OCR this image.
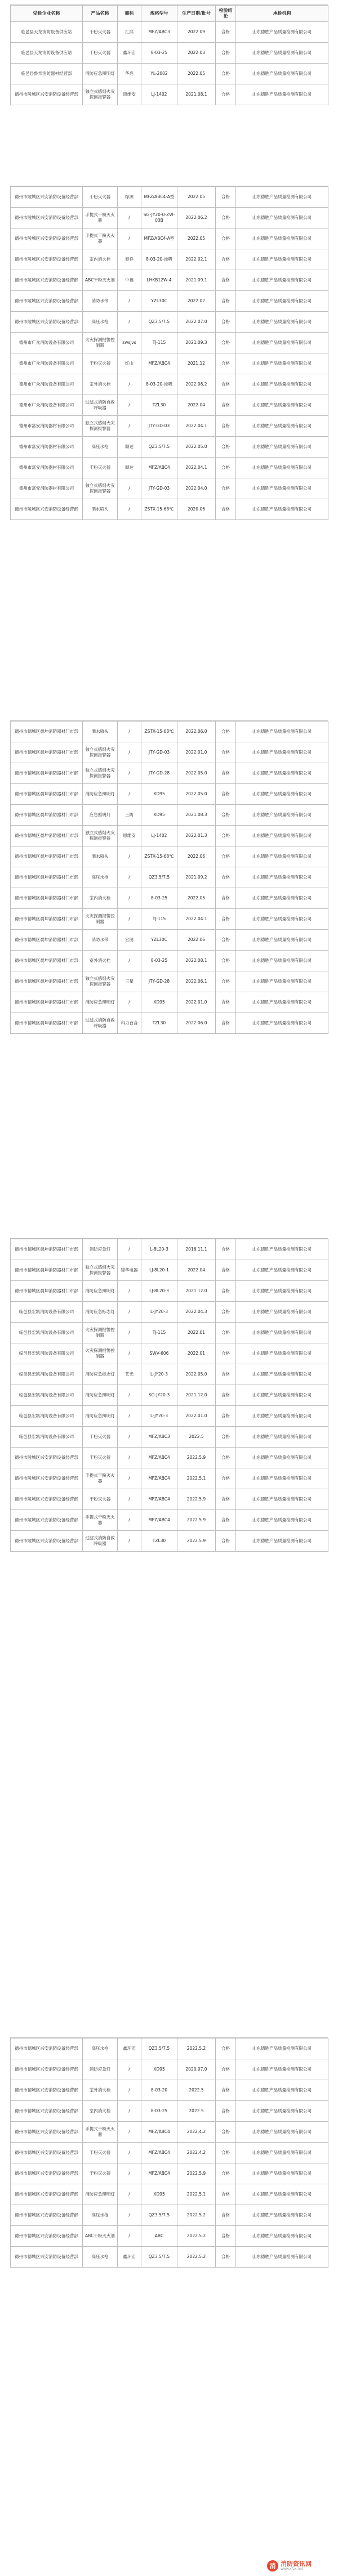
受检企业名称	产品名称	商标	规格型号	生产日期/批号	检验结论	承检机构
临邑县天龙消防设备供应站	干粉灭火器	汇滨	MFZ/ABC3	2022.09	合格	山东德胜产品质量检测有限公司
临邑县天龙消防设备供应站	干粉灭火器	鑫环宏	8-03-25	2022.03	合格	山东德胜产品质量检测有限公司
临邑县鲁邦消防器材经营部	消防应急照明灯	华亮	YL-2002	2022.05	合格	山东德胜产品质量检测有限公司
德州市陵城区兴安消防设备经营部	独立式感烟火灾探测报警器	恩维安	LJ-1402	2021.08.1	合格	山东德胜产品质量检测有限公司
德州市陵城区兴安消防设备经营部	干粉灭火器	绿源	MFZ/ABC4-A型	2022.05	合格	山东德胜产品质量检测有限公司
德州市陵城区兴安消防设备经营部	手提式干粉灭火器	/	SG-JY20-0-ZW-03B	2022.06.2	合格	山东德胜产品质量检测有限公司
德州市陵城区兴安消防设备经营部	手提式干粉灭火器	/	MFZ/ABC4-A型	2022.05	合格	山东德胜产品质量检测有限公司
德州市陵城区兴安消防设备经营部	室内消火栓	泰祥	8-03-20-渗吸	2022.02.1	合格	山东德胜产品质量检测有限公司
德州市陵城区兴安消防设备经营部	ABC干粉灭火剂	中福	LHKB12W-4	2021.09.1	合格	山东德胜产品质量检测有限公司
德州市陵城区兴安消防设备经营部	消防水带	/	YZL30C	2022.02	合格	山东德胜产品质量检测有限公司
德州市陵城区兴安消防设备经营部	高压水枪	/	QZ3.5/7.5	2022.07.0	合格	山东德胜产品质量检测有限公司
德州市广众消防设备有限公司	火灾探测报警控制器	swsjvs	TJ-115	2021.09.3	合格	山东德胜产品质量检测有限公司
德州市广众消防设备有限公司	干粉灭火器	红山	MFZ/ABC4	2021.12	合格	山东德胜产品质量检测有限公司
德州市广众消防设备有限公司	室外消火栓	/	8-03-20-渗吸	2022.08.2	合格	山东德胜产品质量检测有限公司
德州市广众消防设备有限公司	过滤式消防自救呼吸器	/	TZL30	2022.04	合格	山东德胜产品质量检测有限公司
德州市富安消防器材有限公司	独立式感烟火灾探测报警器	/	JTY-GD-03	2022.04.1	合格	山东德胜产品质量检测有限公司
德州市富安消防器材有限公司	高压水枪	顺达	QZ3.5/7.5	2022.05.0	合格	山东德胜产品质量检测有限公司
德州市富安消防器材有限公司	干粉灭火器	顺达	MFZ/ABC4	2022.04.1	合格	山东德胜产品质量检测有限公司
德州市富安消防器材有限公司	独立式感烟火灾探测报警器	/	JTY-GD-03	2022.04.0	合格	山东德胜产品质量检测有限公司
德州市陵城区兴安消防设备经营部	洒水喷头	/	ZSTX-15-68℃	2020.06	合格	山东德胜产品质量检测有限公司
德州市德城区晨坤消防器材门市部	洒水喷头	/	ZSTX-15-68℃	2022.06.0	合格	山东德胜产品质量检测有限公司
德州市德城区晨坤消防器材门市部	独立式感烟火灾探测报警器	/	JTY-GD-03	2022.01.0	合格	山东德胜产品质量检测有限公司
德州市德城区晨坤消防器材门市部	独立式感烟火灾探测报警器	/	JTY-GD-28	2022.05.0	合格	山东德胜产品质量检测有限公司
德州市德城区晨坤消防器材门市部	消防应急照明灯	/	XD95	2022.05.0	合格	山东德胜产品质量检测有限公司
德州市德城区晨坤消防器材门市部	应急照明灯	三防	XD95	2021.08.3	合格	山东德胜产品质量检测有限公司
德州市德城区晨坤消防器材门市部	独立式感烟火灾探测报警器	恩维安	LJ-1402	2022.01.3	合格	山东德胜产品质量检测有限公司
德州市德城区晨坤消防器材门市部	洒水喷头	/	ZSTX-15-68℃	2022.06	合格	山东德胜产品质量检测有限公司
德州市德城区晨坤消防器材门市部	高压水枪	/	QZ3.5/7.5	2021.09.2	合格	山东德胜产品质量检测有限公司
德州市德城区晨坤消防器材门市部	室内消火栓	/	8-03-25	2022.05	合格	山东德胜产品质量检测有限公司
德州市德城区晨坤消防器材门市部	火灾探测报警控制器	/	TJ-115	2022.04.1	合格	山东德胜产品质量检测有限公司
德州市德城区晨坤消防器材门市部	消防水带	宏图	YZL30C	2022.06	合格	山东德胜产品质量检测有限公司
德州市德城区晨坤消防器材门市部	室外消火栓	/	8-03-25	2022.08.1	合格	山东德胜产品质量检测有限公司
德州市德城区晨坤消防器材门市部	独立式感烟火灾探测报警器	三星	JTY-GD-28	2022.06.1	合格	山东德胜产品质量检测有限公司
德州市德城区晨坤消防器材门市部	消防应急照明灯	/	XD95	2022.01.0	合格	山东德胜产品质量检测有限公司
德州市德城区晨坤消防器材门市部	过滤式消防自救呼吸器	科力百合	TZL30	2022.06.0	合格	山东德胜产品质量检测有限公司
德州市德城区晨坤消防器材门市部	消防应急灯	/	L-8L20-3	2016.11.1	合格	山东德胜产品质量检测有限公司
德州市德城区晨坤消防器材门市部	独立式感烟火灾探测报警器	锦华电器	LJ-8L20-1	2022.04	合格	山东德胜产品质量检测有限公司
德州市德城区晨坤消防器材门市部	消防应急照明灯	/	LJ-8L20-3	2021.12.0	合格	山东德胜产品质量检测有限公司
临邑县宏凯消防设备有限公司	消防应急标志灯	/	L-JY20-3	2022.04.3	合格	山东德胜产品质量检测有限公司
临邑县宏凯消防设备有限公司	火灾探测报警控制器	/	TJ-115	2022.01	合格	山东德胜产品质量检测有限公司
临邑县宏凯消防设备有限公司	火灾探测报警控制器	/	SWV-606	2022.01	合格	山东德胜产品质量检测有限公司
临邑县宏凯消防设备有限公司	消防应急标志灯	艺光	L-JY20-3	2022.05.0	合格	山东德胜产品质量检测有限公司
临邑县宏凯消防设备有限公司	消防应急照明灯	/	SG-JY20-3	2021.12.0	合格	山东德胜产品质量检测有限公司
临邑县宏凯消防设备有限公司	消防应急照明灯	/	L-JY20-3	2022.01.0	合格	山东德胜产品质量检测有限公司
临邑县宏凯消防设备有限公司	干粉灭火器	/	MFZ/ABC3	2022.5	合格	山东德胜产品质量检测有限公司
德州市陵城区兴安消防设备经营部	干粉灭火器	/	MFZ/ABC4	2022.5.9	合格	山东德胜产品质量检测有限公司
德州市陵城区兴安消防设备经营部	手提式干粉灭火器	/	MFZ/ABC4	2022.5.1	合格	山东德胜产品质量检测有限公司
德州市陵城区兴安消防设备经营部	干粉灭火器	/	MFZ/ABC4	2022.5.9	合格	山东德胜产品质量检测有限公司
德州市陵城区兴安消防设备经营部	手提式干粉灭火器	/	MFZ/ABC4	2022.5.9	合格	山东德胜产品质量检测有限公司
德州市陵城区兴安消防设备经营部	过滤式消防自救呼吸器	/	TZL30	2022.5.9	合格	山东德胜产品质量检测有限公司
德州市德城区兴安消防设备经营部	高压水枪	鑫环宏	QZ3.5/7.5	2022.5.2	合格	山东德胜产品质量检测有限公司
德州市德城区兴安消防设备经营部	消防应急灯	/	XD95	2020.07.0	合格	山东德胜产品质量检测有限公司
德州市德城区兴安消防设备经营部	室外消火栓	/	8-03-20	2022.5	合格	山东德胜产品质量检测有限公司
德州市德城区兴安消防设备经营部	室内消火栓	/	8-03-25	2022.5	合格	山东德胜产品质量检测有限公司
德州市德城区兴安消防设备经营部	手提式干粉灭火器	/	MFZ/ABC4	2022.4.2	合格	山东德胜产品质量检测有限公司
德州市德城区兴安消防设备经营部	干粉灭火器	/	MFZ/ABC4	2022.4.2	合格	山东德胜产品质量检测有限公司
德州市德城区兴安消防设备经营部	干粉灭火器	/	MFZ/ABC4	2022.5.9	合格	山东德胜产品质量检测有限公司
德州市德城区兴安消防设备经营部	消防应急照明灯	/	XD95	2022.5.1	合格	山东德胜产品质量检测有限公司
德州市德城区兴安消防设备经营部	高压水枪	/	QZ3.5/7.5	2022.5.2	合格	山东德胜产品质量检测有限公司
德州市德城区兴安消防设备经营部	ABC干粉灭火剂	/	ABC	2022.5.2	合格	山东德胜产品质量检测有限公司
德州市德城区兴安消防设备经营部	高压水枪	鑫环宏	QZ3.5/7.5	2022.5.2	合格	山东德胜产品质量检测有限公司
消 消防资讯网
www.xfzx.net
